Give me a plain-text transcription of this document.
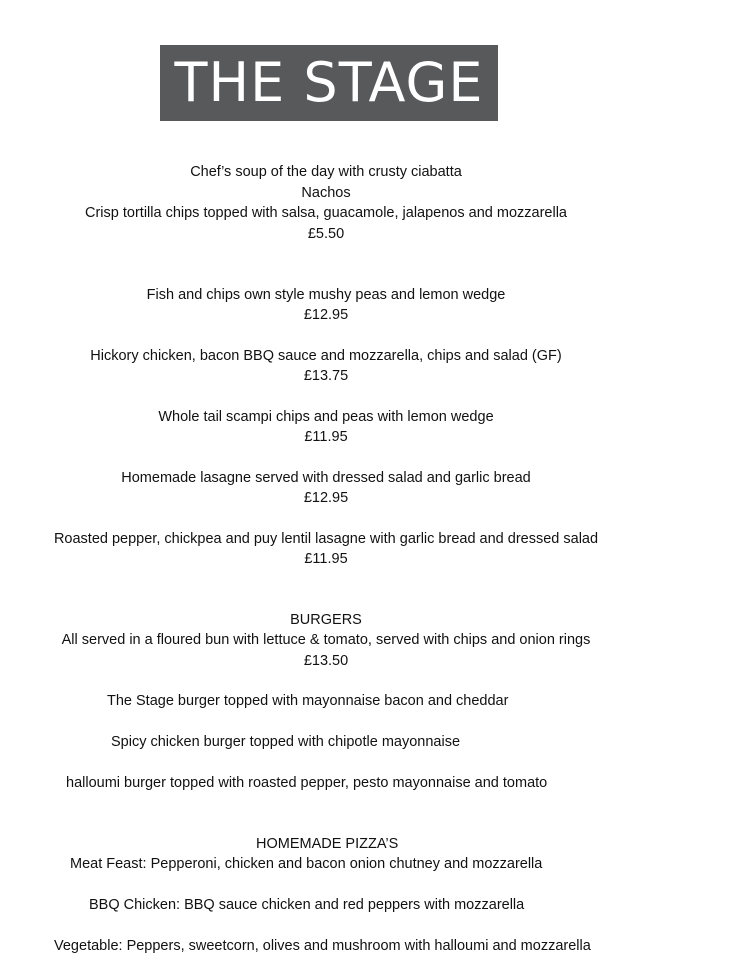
THE STAGE
Chef’s soup of the day with crusty ciabatta
Nachos
Crisp tortilla chips topped with salsa, guacamole, jalapenos and mozzarella
£5.50
Fish and chips own style mushy peas and lemon wedge
£12.95
Hickory chicken, bacon BBQ sauce and mozzarella, chips and salad (GF)
£13.75
Whole tail scampi chips and peas with lemon wedge
£11.95
Homemade lasagne served with dressed salad and garlic bread
£12.95
Roasted pepper, chickpea and puy lentil lasagne with garlic bread and dressed salad
£11.95
BURGERS
All served in a floured bun with lettuce & tomato, served with chips and onion rings
£13.50
The Stage burger topped with mayonnaise bacon and cheddar
Spicy chicken burger topped with chipotle mayonnaise
halloumi burger topped with roasted pepper, pesto mayonnaise and tomato
HOMEMADE PIZZA’S
Meat Feast: Pepperoni, chicken and bacon onion chutney and mozzarella
BBQ Chicken: BBQ sauce chicken and red peppers with mozzarella
Vegetable: Peppers, sweetcorn, olives and mushroom with halloumi and mozzarella
